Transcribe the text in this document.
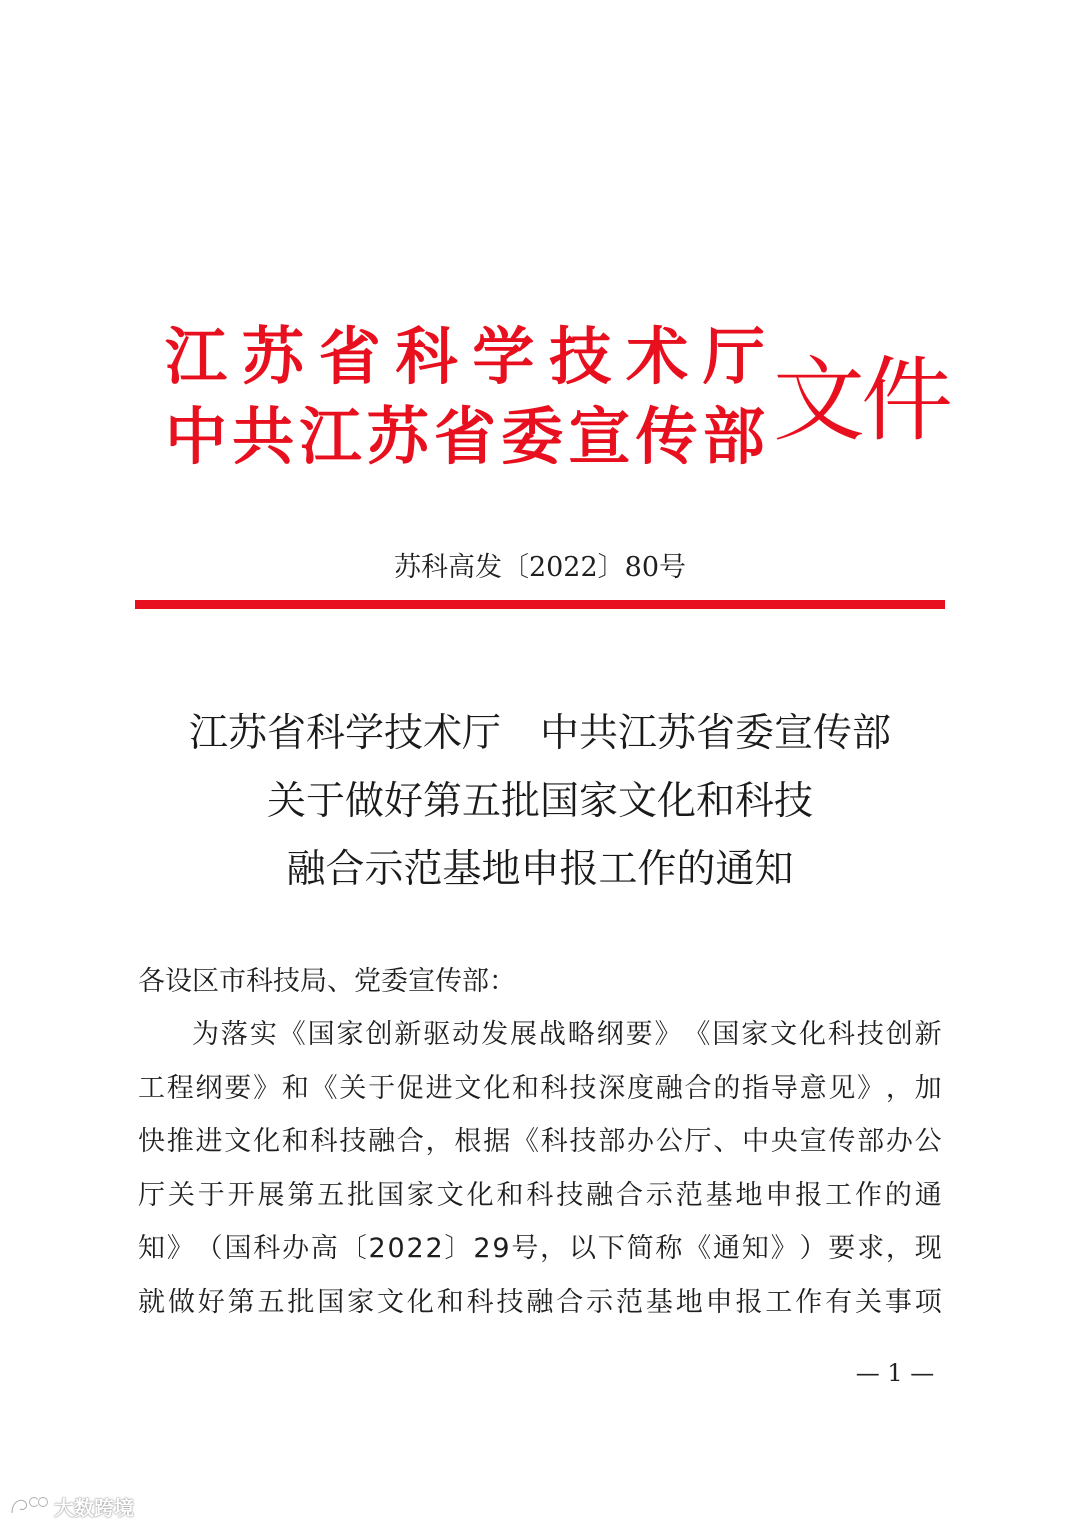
江 苏 省 科 学 技 术 厅
中 共 江 苏 省 委 宣 传 部 文件
苏科高发〔2022〕80号
江苏省科学技术厅　中共江苏省委宣传部
关于做好第五批国家文化和科技
融合示范基地申报工作的通知
各设区市科技局、党委宣传部：
为 落 实 《 国 家 创 新 驱 动 发 展 战 略 纲 要 》 《 国 家 文 化 科 技 创 新
工 程 纲 要 》 和 《 关 于 促 进 文 化 和 科 技 深 度 融 合 的 指 导 意 见 》 ， 加
快 推 进 文 化 和 科 技 融 合 ， 根 据 《 科 技 部 办 公 厅 、 中 央 宣 传 部 办 公
厅 关 于 开 展 第 五 批 国 家 文 化 和 科 技 融 合 示 范 基 地 申 报 工 作 的 通
知 》 （ 国 科 办 高 〔 2 0 2 2 〕 2 9 号 ， 以 下 简 称 《 通 知 》 ） 要 求 ， 现
就 做 好 第 五 批 国 家 文 化 和 科 技 融 合 示 范 基 地 申 报 工 作 有 关 事 项
— 1 —
大数跨境
